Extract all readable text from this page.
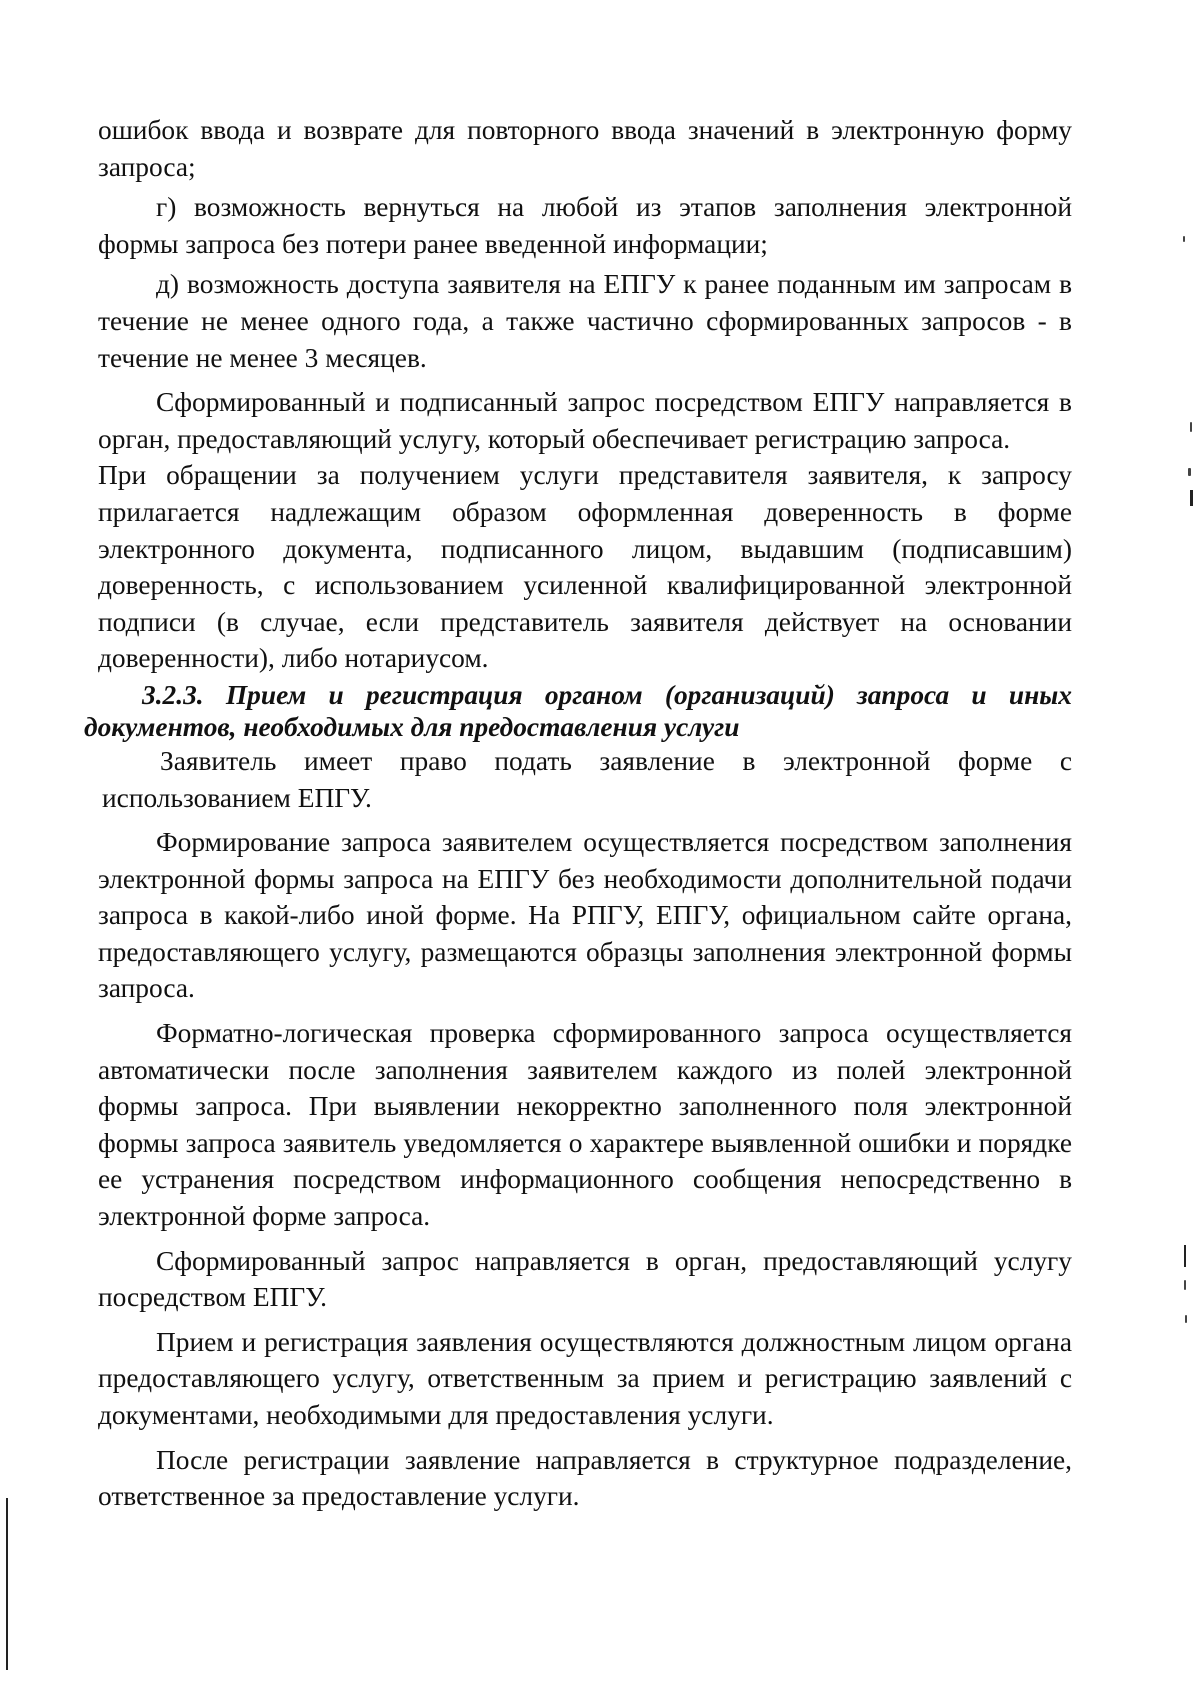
ошибок ввода и возврате для повторного ввода значений в электронную форму запроса;

г) возможность вернуться на любой из этапов заполнения электронной формы запроса без потери ранее введенной информации;

д) возможность доступа заявителя на ЕПГУ к ранее поданным им запросам в течение не менее одного года, а также частично сформированных запросов - в течение не менее 3 месяцев.

Сформированный и подписанный запрос посредством ЕПГУ направляется в орган, предоставляющий услугу, который обеспечивает регистрацию запроса.

При обращении за получением услуги представителя заявителя, к запросу прилагается надлежащим образом оформленная доверенность в форме электронного документа, подписанного лицом, выдавшим (подписавшим) доверенность, с использованием усиленной квалифицированной электронной подписи (в случае, если представитель заявителя действует на основании доверенности), либо нотариусом.

3.2.3. Прием и регистрация органом (организаций) запроса и иных документов, необходимых для предоставления услуги

Заявитель имеет право подать заявление в электронной форме с использованием ЕПГУ.

Формирование запроса заявителем осуществляется посредством заполнения электронной формы запроса на ЕПГУ без необходимости дополнительной подачи запроса в какой-либо иной форме. На РПГУ, ЕПГУ, официальном сайте органа, предоставляющего услугу, размещаются образцы заполнения электронной формы запроса.

Форматно-логическая проверка сформированного запроса осуществляется автоматически после заполнения заявителем каждого из полей электронной формы запроса. При выявлении некорректно заполненного поля электронной формы запроса заявитель уведомляется о характере выявленной ошибки и порядке ее устранения посредством информационного сообщения непосредственно в электронной форме запроса.

Сформированный запрос направляется в орган, предоставляющий услугу посредством ЕПГУ.

Прием и регистрация заявления осуществляются должностным лицом органа предоставляющего услугу, ответственным за прием и регистрацию заявлений с документами, необходимыми для предоставления услуги.

После регистрации заявление направляется в структурное подразделение, ответственное за предоставление услуги.
